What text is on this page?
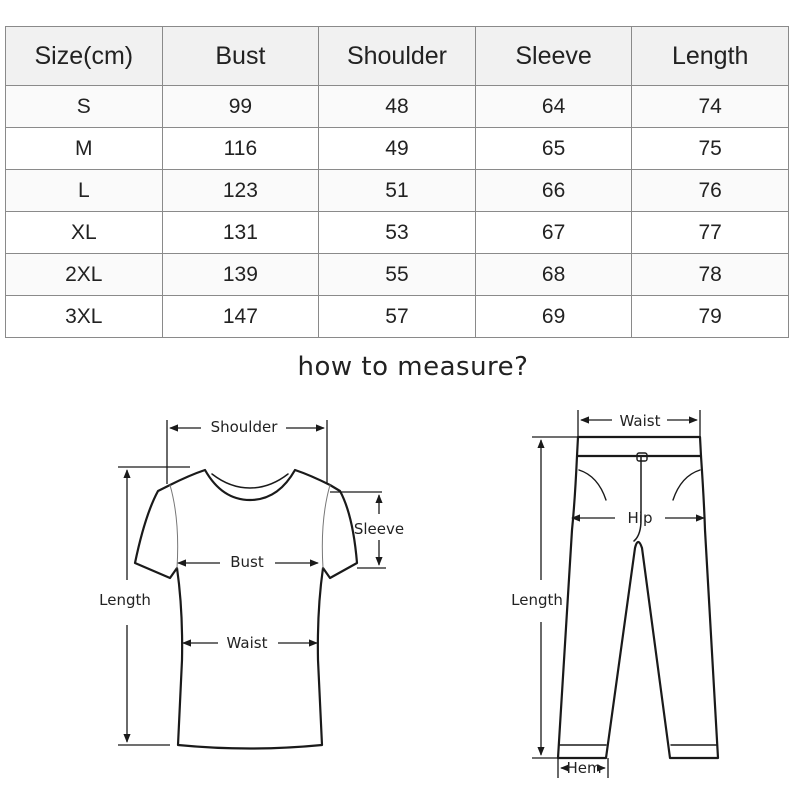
Size(cm)	Bust	Shoulder	Sleeve	Length
S	99	48	64	74
M	116	49	65	75
L	123	51	66	76
XL	131	53	67	77
2XL	139	55	68	78
3XL	147	57	69	79
how to measure?
Shoulder
Sleeve
Bust
Waist
Length
Waist
Hip
Length
Hem
